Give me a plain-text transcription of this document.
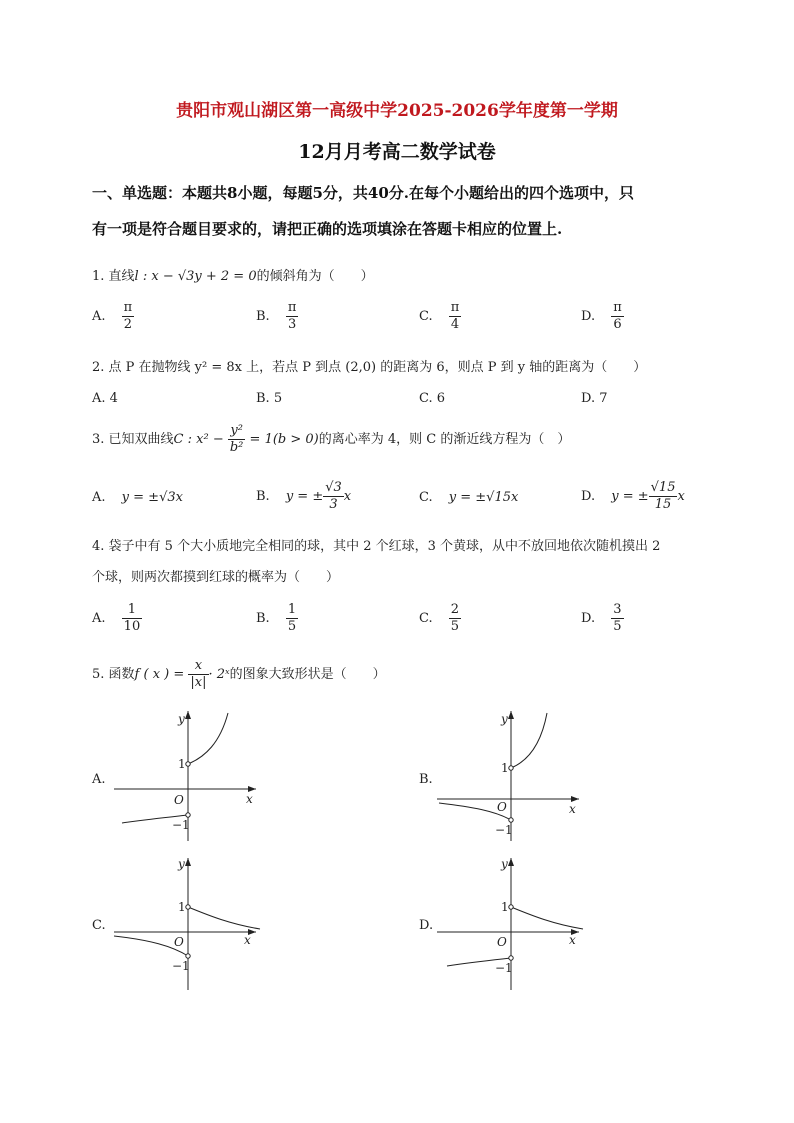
贵阳市观山湖区第一高级中学2025-2026学年度第一学期
12月月考高二数学试卷
一、单选题：本题共8小题，每题5分，共40分.在每个小题给出的四个选项中，只
有一项是符合题目要求的，请把正确的选项填涂在答题卡相应的位置上.
1. 直线l : x − √3y + 2 = 0的倾斜角为（　　）
A. $\frac{\pi}{2}$	B. $\frac{\pi}{3}$	C. $\frac{\pi}{4}$	D. $\frac{\pi}{6}$
2. 点 P 在抛物线 y² = 8x 上，若点 P 到点 (2,0) 的距离为 6，则点 P 到 y 轴的距离为（　　）
A. 4	B. 5	C. 6	D. 7
3. 已知双曲线C : $x^2 - \frac{\text{y²}}{\text{b²}} = 1(b > 0)$的离心率为 4，则 C 的渐近线方程为（　）
A. y = ±√3x	B. y = ± $\frac{√3}{3}$ x	C. y = ±√15x	D. y = ± $\frac{√15}{15}$ x
4. 袋子中有 5 个大小质地完全相同的球，其中 2 个红球，3 个黄球，从中不放回地依次随机摸出 2
个球，则两次都摸到红球的概率为（　　）
A. $\frac{1}{10}$	B. $\frac{1}{5}$	C. $\frac{2}{5}$	D. $\frac{3}{5}$
5. 函数f ( x ) = $\frac{x}{|x|}$ · 2ˣ的图象大致形状是（　　）
A.
y
x
O
1
−1
B.
y
x
O
1
−1
C.
y
x
O
1
−1
D.
y
x
O
1
−1
